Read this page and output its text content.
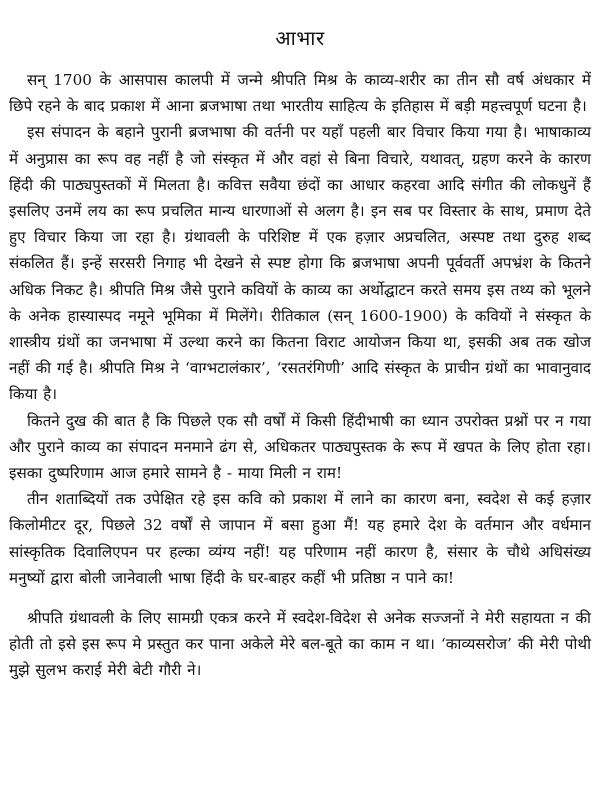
आभार

सन् 1700 के आसपास कालपी में जन्मे श्रीपति मिश्र के काव्य-शरीर का तीन सौ वर्ष अंधकार में छिपे रहने के बाद प्रकाश में आना ब्रजभाषा तथा भारतीय साहित्य के इतिहास में बड़ी महत्त्वपूर्ण घटना है।

इस संपादन के बहाने पुरानी ब्रजभाषा की वर्तनी पर यहाँ पहली बार विचार किया गया है। भाषाकाव्य में अनुप्रास का रूप वह नहीं है जो संस्कृत में और वहां से बिना विचारे, यथावत्, ग्रहण करने के कारण हिंदी की पाठ्यपुस्तकों में मिलता है। कवित्त सवैया छंदों का आधार कहरवा आदि संगीत की लोकधुनें हैं इसलिए उनमें लय का रूप प्रचलित मान्य धारणाओं से अलग है। इन सब पर विस्तार के साथ, प्रमाण देते हुए विचार किया जा रहा है। ग्रंथावली के परिशिष्ट में एक हज़ार अप्रचलित, अस्पष्ट तथा दुरुह शब्द संकलित हैं। इन्हें सरसरी निगाह भी देखने से स्पष्ट होगा कि ब्रजभाषा अपनी पूर्ववर्ती अपभ्रंश के कितने अधिक निकट है। श्रीपति मिश्र जैसे पुराने कवियों के काव्य का अर्थोद्घाटन करते समय इस तथ्य को भूलने के अनेक हास्यास्पद नमूने भूमिका में मिलेंगे। रीतिकाल (सन् 1600-1900) के कवियों ने संस्कृत के शास्त्रीय ग्रंथों का जनभाषा में उल्था करने का कितना विराट आयोजन किया था, इसकी अब तक खोज नहीं की गई है। श्रीपति मिश्र ने ‘वाग्भटालंकार’, ‘रसतरंगिणी’ आदि संस्कृत के प्राचीन ग्रंथों का भावानुवाद किया है।

कितने दुख की बात है कि पिछले एक सौ वर्षों में किसी हिंदीभाषी का ध्यान उपरोक्त प्रश्नों पर न गया और पुराने काव्य का संपादन मनमाने ढंग से, अधिकतर पाठ्यपुस्तक के रूप में खपत के लिए होता रहा। इसका दुष्परिणाम आज हमारे सामने है - माया मिली न राम!

तीन शताब्दियों तक उपेक्षित रहे इस कवि को प्रकाश में लाने का कारण बना, स्वदेश से कई हज़ार किलोमीटर दूर, पिछले 32 वर्षों से जापान में बसा हुआ मैं! यह हमारे देश के वर्तमान और वर्धमान सांस्कृतिक दिवालिएपन पर हल्का व्यंग्य नहीं! यह परिणाम नहीं कारण है, संसार के चौथे अधिसंख्य मनुष्यों द्वारा बोली जानेवाली भाषा हिंदी के घर-बाहर कहीं भी प्रतिष्ठा न पाने का!

श्रीपति ग्रंथावली के लिए सामग्री एकत्र करने में स्वदेश-विदेश से अनेक सज्जनों ने मेरी सहायता न की होती तो इसे इस रूप मे प्रस्तुत कर पाना अकेले मेरे बल-बूते का काम न था। ‘काव्यसरोज’ की मेरी पोथी मुझे सुलभ कराई मेरी बेटी गौरी ने।
